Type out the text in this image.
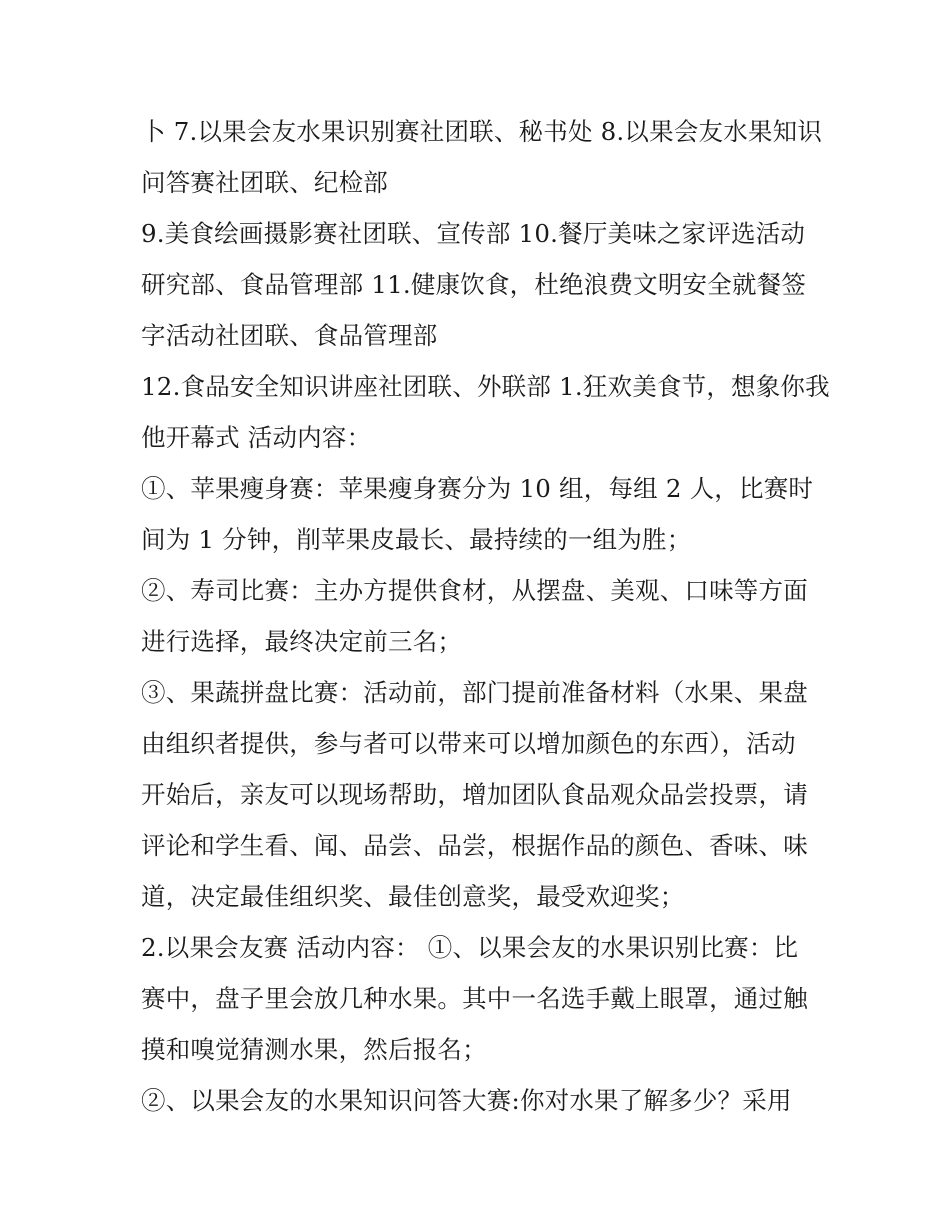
卜 7.以果会友水果识别赛社团联、秘书处 8.以果会友水果知识
问答赛社团联、纪检部
9.美食绘画摄影赛社团联、宣传部 10.餐厅美味之家评选活动
研究部、食品管理部 11.健康饮食，杜绝浪费文明安全就餐签
字活动社团联、食品管理部
12.食品安全知识讲座社团联、外联部 1.狂欢美食节，想象你我
他开幕式 活动内容：
①、苹果瘦身赛：苹果瘦身赛分为 10 组，每组 2 人，比赛时
间为 1 分钟，削苹果皮最长、最持续的一组为胜；
②、寿司比赛：主办方提供食材，从摆盘、美观、口味等方面
进行选择，最终决定前三名；
③、果蔬拼盘比赛：活动前，部门提前准备材料（水果、果盘
由组织者提供，参与者可以带来可以增加颜色的东西），活动
开始后，亲友可以现场帮助，增加团队食品观众品尝投票，请
评论和学生看、闻、品尝、品尝，根据作品的颜色、香味、味
道，决定最佳组织奖、最佳创意奖，最受欢迎奖；
2.以果会友赛 活动内容： ①、以果会友的水果识别比赛：比
赛中，盘子里会放几种水果。其中一名选手戴上眼罩，通过触
摸和嗅觉猜测水果，然后报名；
②、以果会友的水果知识问答大赛:你对水果了解多少？采用
